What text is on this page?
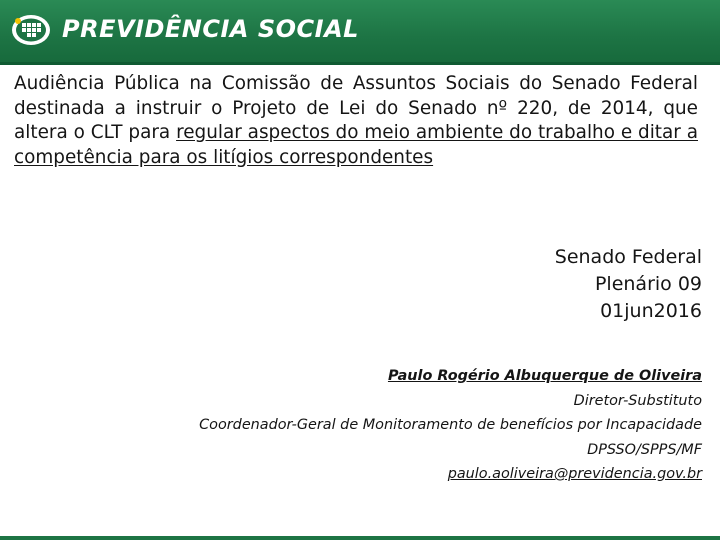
PREVIDÊNCIA SOCIAL
Audiência Pública na Comissão de Assuntos Sociais do Senado Federal destinada a instruir o Projeto de Lei do Senado nº 220, de 2014, que altera o CLT para regular aspectos do meio ambiente do trabalho e ditar a competência para os litígios correspondentes
Senado Federal
Plenário 09
01jun2016
Paulo Rogério Albuquerque de Oliveira
Diretor-Substituto
Coordenador-Geral de Monitoramento de benefícios por Incapacidade
DPSSO/SPPS/MF
paulo.aoliveira@previdencia.gov.br
